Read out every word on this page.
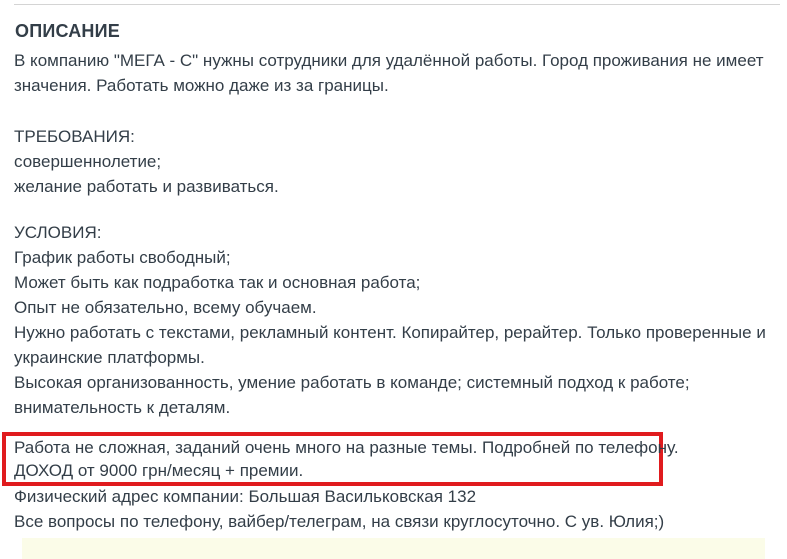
ОПИСАНИЕ
В компанию "МЕГА - С" нужны сотрудники для удалённой работы. Город проживания не имеет
значения. Работать можно даже из за границы.
ТРЕБОВАНИЯ:
совершеннолетие;
желание работать и развиваться.
УСЛОВИЯ:
График работы свободный;
Может быть как подработка так и основная работа;
Опыт не обязательно, всему обучаем.
Нужно работать с текстами, рекламный контент. Копирайтер, рерайтер. Только проверенные и
украинские платформы.
Высокая организованность, умение работать в команде; системный подход к работе;
внимательность к деталям.
Работа не сложная, заданий очень много на разные темы. Подробней по телефону.
ДОХОД от 9000 грн/месяц + премии.
Физический адрес компании: Большая Васильковская 132
Все вопросы по телефону, вайбер/телеграм, на связи круглосуточно. С ув. Юлия;)
